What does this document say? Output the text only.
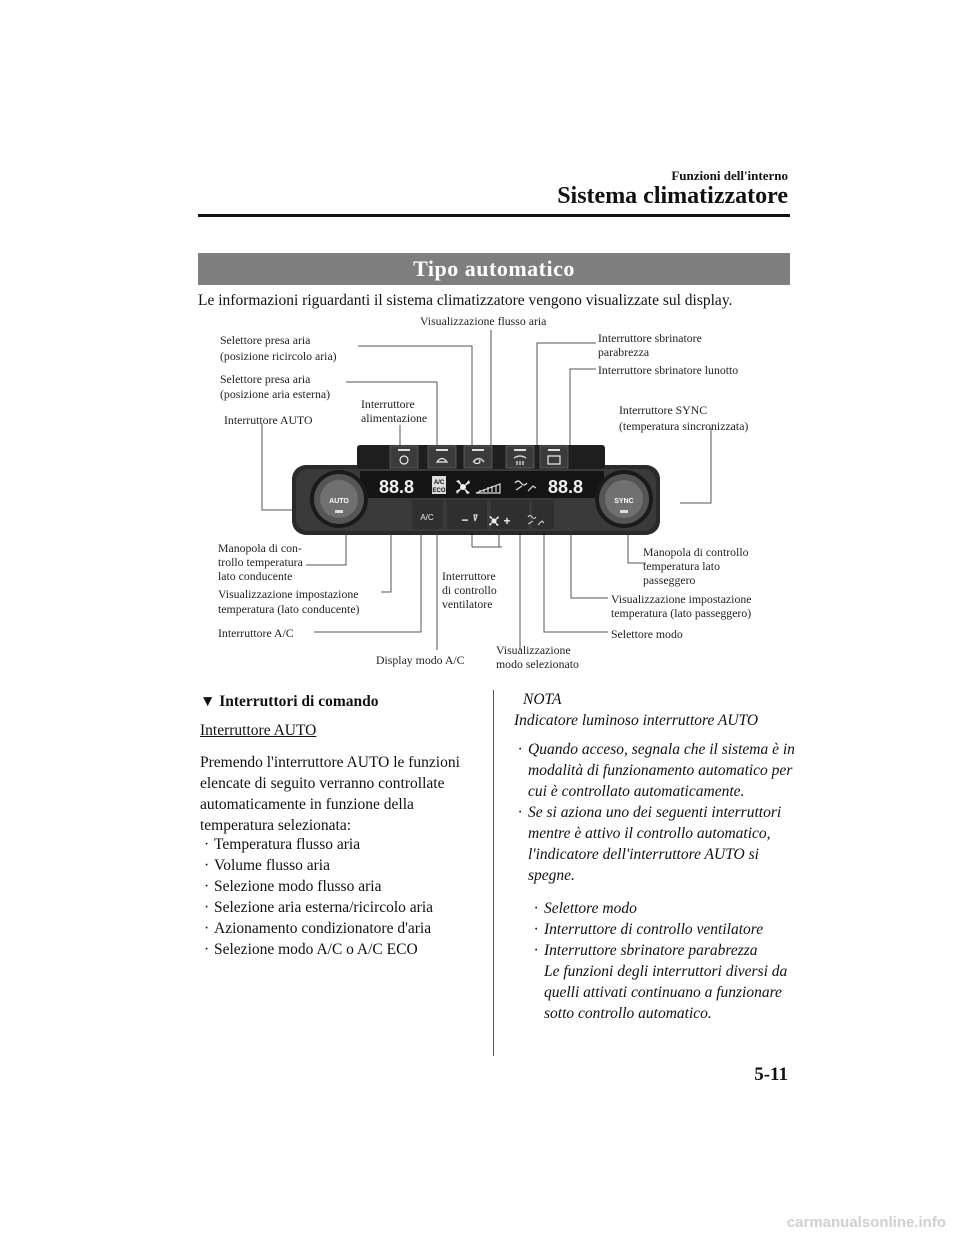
Funzioni dell'interno
Sistema climatizzatore
Tipo automatico
Le informazioni riguardanti il sistema climatizzatore vengono visualizzate sul display.
88.8	88.8
A/C
ECO
A/C
AUTO	SYNC
−	+
Visualizzazione flusso aria
Selettore presa aria
(posizione ricircolo aria)
Selettore presa aria
(posizione aria esterna)
Interruttore
alimentazione
Interruttore AUTO
Interruttore sbrinatore
parabrezza
Interruttore sbrinatore lunotto
Interruttore SYNC
(temperatura sincronizzata)
Manopola di con-
trollo temperatura
lato conducente
Visualizzazione impostazione
temperatura (lato conducente)
Interruttore A/C
Display modo A/C
Interruttore
di controllo
ventilatore
Visualizzazione
modo selezionato
Manopola di controllo
temperatura lato
passeggero
Visualizzazione impostazione
temperatura (lato passeggero)
Selettore modo
▼ Interruttori di comando
Interruttore AUTO
Premendo l'interruttore AUTO le funzioni elencate di seguito verranno controllate automaticamente in funzione della temperatura selezionata:
· Temperatura flusso aria
· Volume flusso aria
· Selezione modo flusso aria
· Selezione aria esterna/ricircolo aria
· Azionamento condizionatore d'aria
· Selezione modo A/C o A/C ECO
NOTA
Indicatore luminoso interruttore AUTO
· Quando acceso, segnala che il sistema è in modalità di funzionamento automatico per cui è controllato automaticamente.
· Se si aziona uno dei seguenti interruttori mentre è attivo il controllo automatico, l'indicatore dell'interruttore AUTO si spegne.
· Selettore modo
· Interruttore di controllo ventilatore
· Interruttore sbrinatore parabrezza
Le funzioni degli interruttori diversi da quelli attivati continuano a funzionare sotto controllo automatico.
5-11
carmanualsonline.info
